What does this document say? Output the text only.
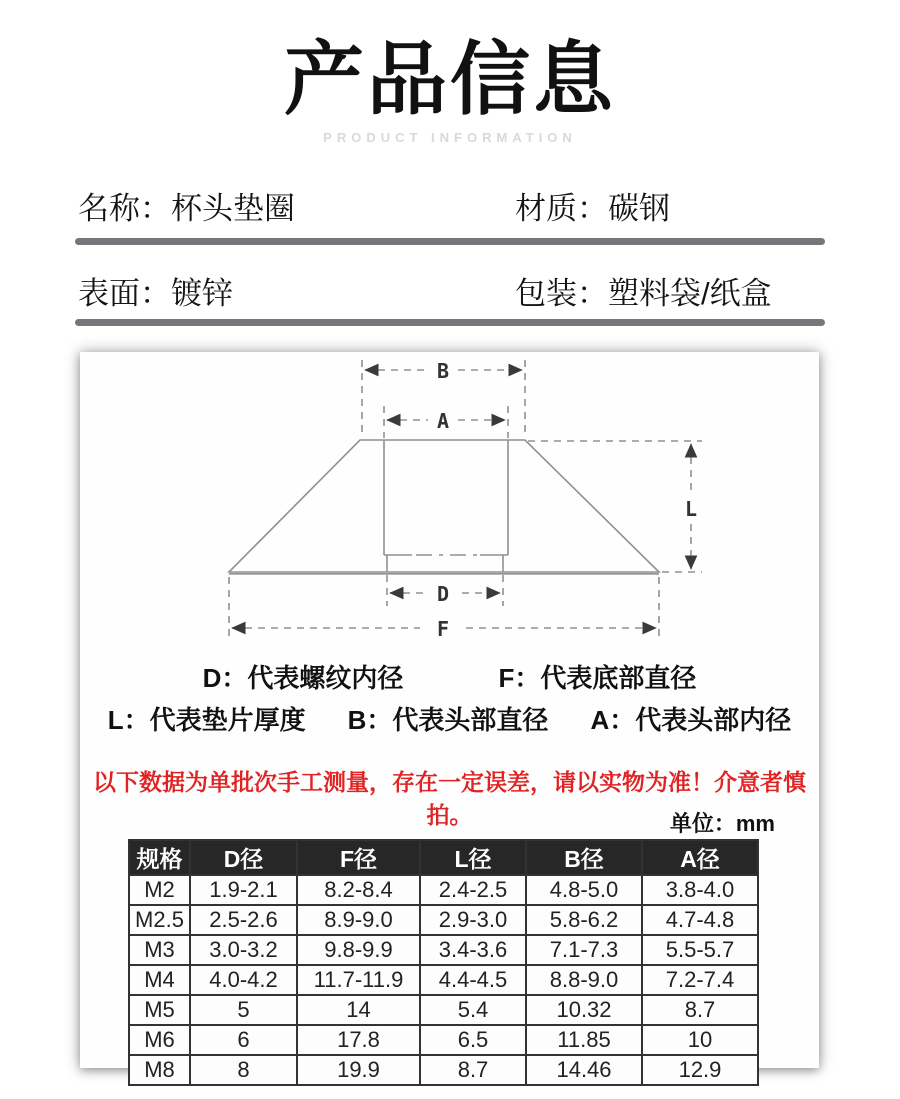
产品信息
PRODUCT INFORMATION
名称：杯头垫圈	材质：碳钢
表面：镀锌	包装：塑料袋/纸盒
B
A
L
D
F
D：代表螺纹内径	F：代表底部直径
L：代表垫片厚度 B：代表头部直径 A：代表头部内径
以下数据为单批次手工测量，存在一定误差，请以实物为准！介意者慎拍。	单位：mm
规格	D径	F径	L径	B径	A径
M2	1.9-2.1	8.2-8.4	2.4-2.5	4.8-5.0	3.8-4.0
M2.5	2.5-2.6	8.9-9.0	2.9-3.0	5.8-6.2	4.7-4.8
M3	3.0-3.2	9.8-9.9	3.4-3.6	7.1-7.3	5.5-5.7
M4	4.0-4.2	11.7-11.9	4.4-4.5	8.8-9.0	7.2-7.4
M5	5	14	5.4	10.32	8.7
M6	6	17.8	6.5	11.85	10
M8	8	19.9	8.7	14.46	12.9
